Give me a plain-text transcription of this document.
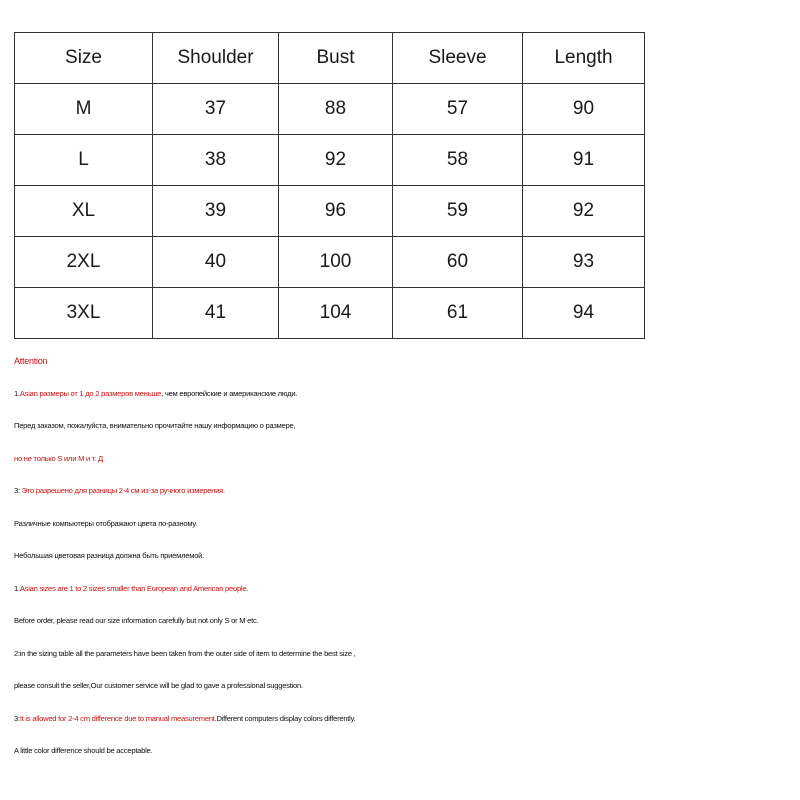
Size	Shoulder	Bust	Sleeve	Length
M	37	88	57	90
L	38	92	58	91
XL	39	96	59	92
2XL	40	100	60	93
3XL	41	104	61	94
Attention
1.Asian размеры от 1 до 2 размеров меньше, чем европейские и американские люди.
Перед заказом, пожалуйста, внимательно прочитайте нашу информацию о размере,
но не только S или M и т. Д.
3: Это разрешено для разницы 2-4 см из-за ручного измерения.
Различные компьютеры отображают цвета по-разному.
Небольшая цветовая разница должна быть приемлемой.
1.Asian sizes are 1 to 2 sizes smaller than European and American people.
Before order, please read our size information carefully but not only S or M etc.
2:in the sizing table all the parameters have been taken from the outer side of item to determine the best size ,
please consult the seller,Our customer service will be glad to gave a professional suggestion.
3:It is allowed for 2-4 cm difference due to manual measurement.Different computers display colors differently.
A little color difference should be acceptable.
